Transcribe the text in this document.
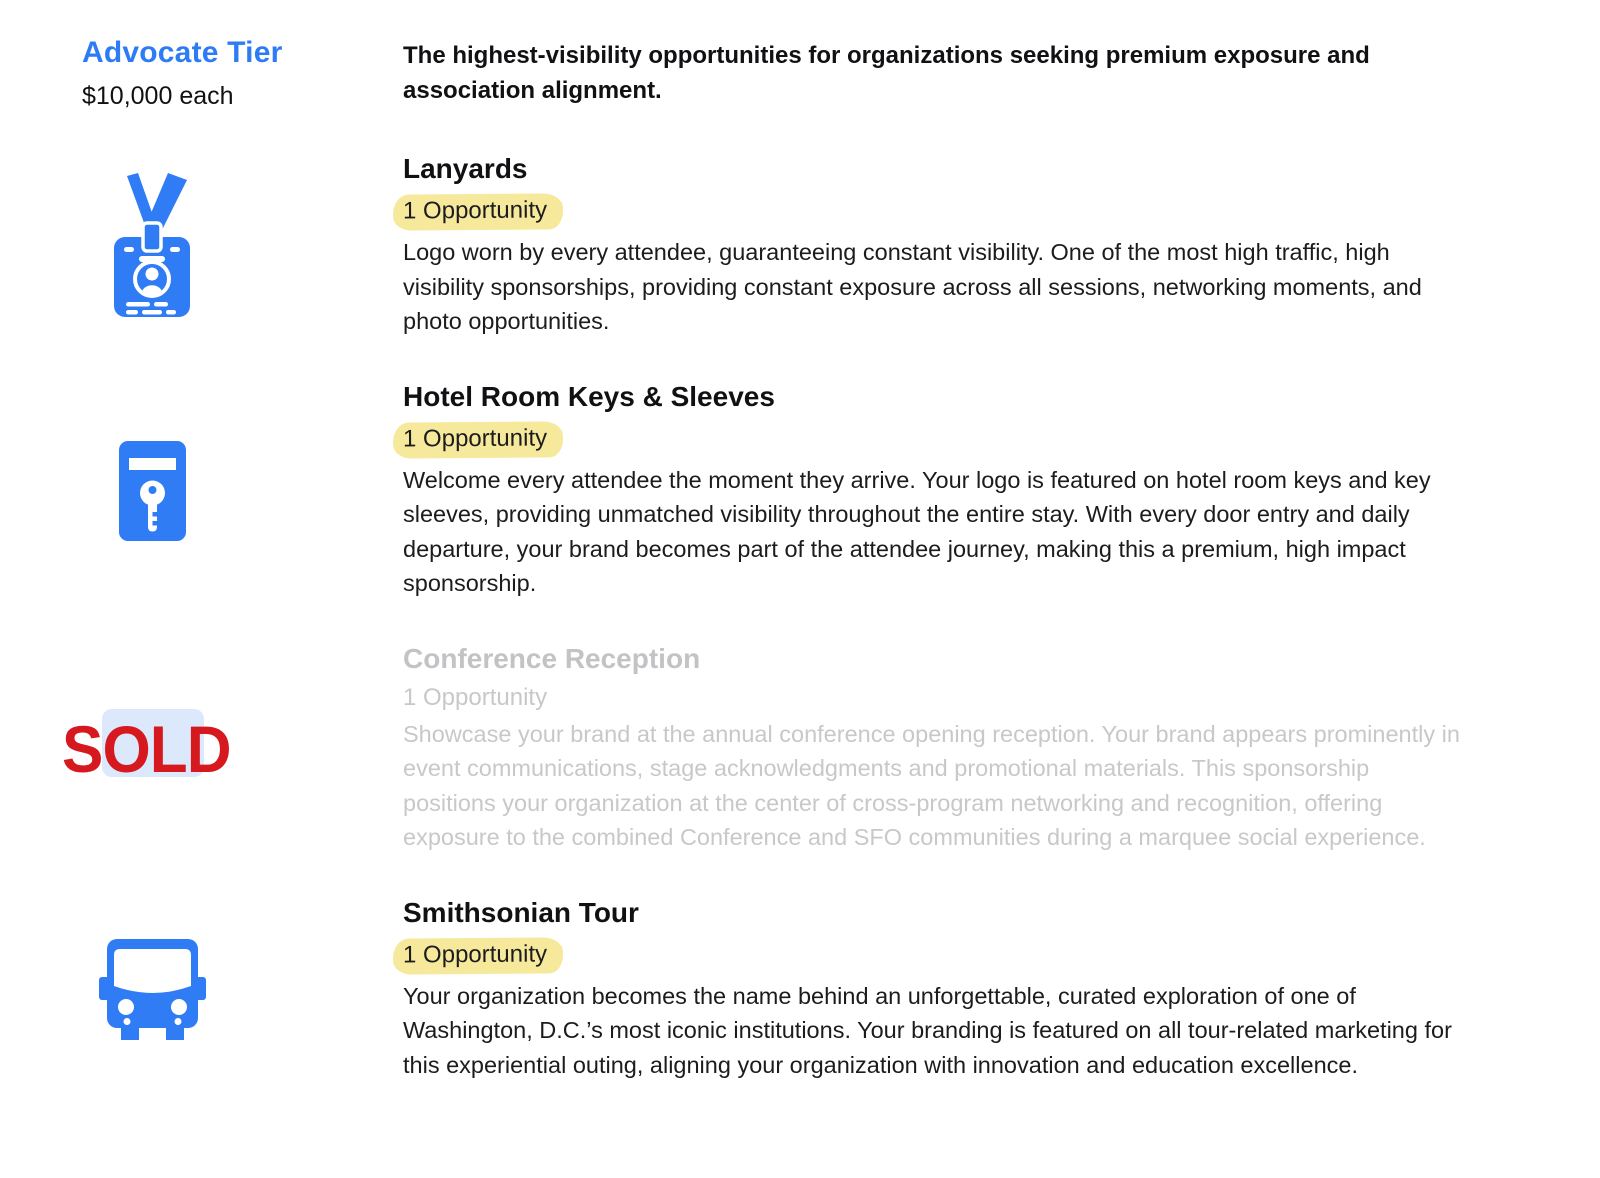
Advocate Tier
$10,000 each
The highest-visibility opportunities for organizations seeking premium exposure and association alignment.
Lanyards
1 Opportunity
Logo worn by every attendee, guaranteeing constant visibility. One of the most high traffic, high visibility sponsorships, providing constant exposure across all sessions, networking moments, and photo opportunities.
Hotel Room Keys & Sleeves
1 Opportunity
Welcome every attendee the moment they arrive. Your logo is featured on hotel room keys and key sleeves, providing unmatched visibility throughout the entire stay. With every door entry and daily departure, your brand becomes part of the attendee journey, making this a premium, high impact sponsorship.
SOLD
Conference Reception
1 Opportunity
Showcase your brand at the annual conference opening reception. Your brand appears prominently in event communications, stage acknowledgments and promotional materials. This sponsorship positions your organization at the center of cross-program networking and recognition, offering exposure to the combined Conference and SFO communities during a marquee social experience.
Smithsonian Tour
1 Opportunity
Your organization becomes the name behind an unforgettable, curated exploration of one of Washington, D.C.’s most iconic institutions. Your branding is featured on all tour-related marketing for this experiential outing, aligning your organization with innovation and education excellence.
